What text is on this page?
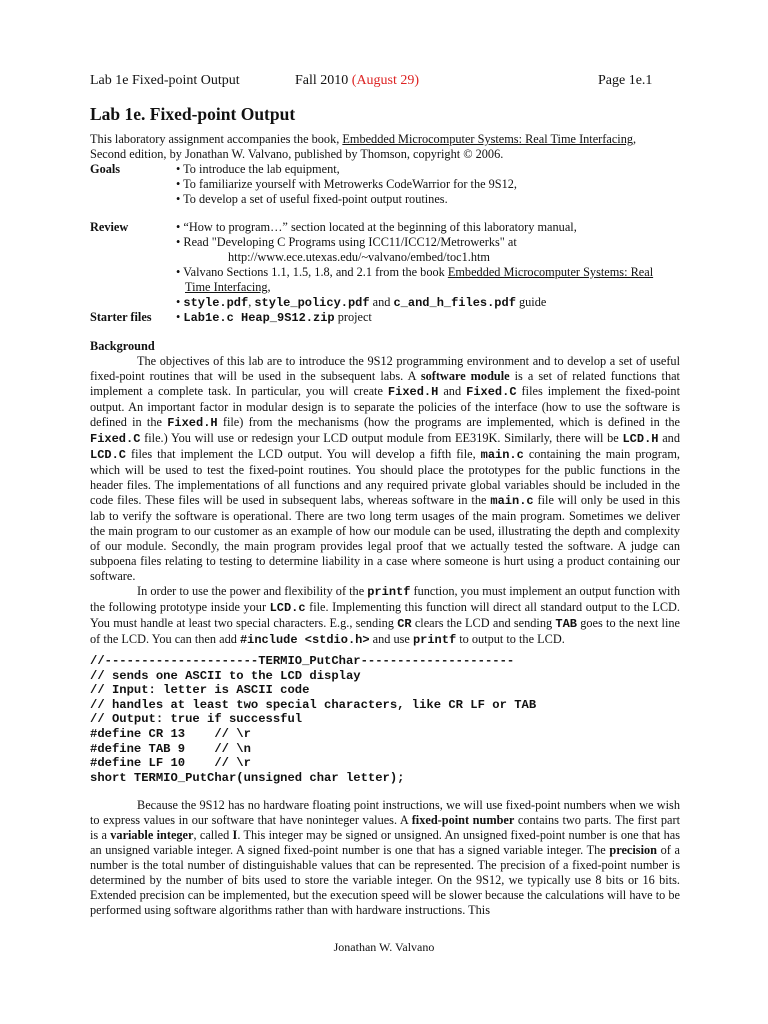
Lab 1e Fixed-point Output	Fall 2010 (August 29)	Page 1e.1
Lab 1e. Fixed-point Output
This laboratory assignment accompanies the book, Embedded Microcomputer Systems: Real Time Interfacing,
Second edition, by Jonathan W. Valvano, published by Thomson, copyright © 2006.
Goals	• To introduce the lab equipment,
• To familiarize yourself with Metrowerks CodeWarrior for the 9S12,
• To develop a set of useful fixed-point output routines.
Review	• “How to program…” section located at the beginning of this laboratory manual,
• Read "Developing C Programs using ICC11/ICC12/Metrowerks" at
http://www.ece.utexas.edu/~valvano/embed/toc1.htm
• Valvano Sections 1.1, 1.5, 1.8, and 2.1 from the book Embedded Microcomputer Systems: Real
Time Interfacing,
• style.pdf, style_policy.pdf and c_and_h_files.pdf guide
Starter files • Lab1e.c Heap_9S12.zip project
Background

The objectives of this lab are to introduce the 9S12 programming environment and to develop a set of useful fixed-point routines that will be used in the subsequent labs. A software module is a set of related functions that implement a complete task. In particular, you will create Fixed.H and Fixed.C files implement the fixed-point output. An important factor in modular design is to separate the policies of the interface (how to use the software is defined in the Fixed.H file) from the mechanisms (how the programs are implemented, which is defined in the Fixed.C file.) You will use or redesign your LCD output module from EE319K. Similarly, there will be LCD.H and LCD.C files that implement the LCD output. You will develop a fifth file, main.c containing the main program, which will be used to test the fixed-point routines. You should place the prototypes for the public functions in the header files. The implementations of all functions and any required private global variables should be included in the code files. These files will be used in subsequent labs, whereas software in the main.c file will only be used in this lab to verify the software is operational. There are two long term usages of the main program. Sometimes we deliver the main program to our customer as an example of how our module can be used, illustrating the depth and complexity of our module. Secondly, the main program provides legal proof that we actually tested the software. A judge can subpoena files relating to testing to determine liability in a case where someone is hurt using a product containing our software.

In order to use the power and flexibility of the printf function, you must implement an output function with the following prototype inside your LCD.c file. Implementing this function will direct all standard output to the LCD. You must handle at least two special characters. E.g., sending CR clears the LCD and sending TAB goes to the next line of the LCD. You can then add #include <stdio.h> and use printf to output to the LCD.

//---------------------TERMIO_PutChar---------------------
// sends one ASCII to the LCD display
// Input: letter is ASCII code
// handles at least two special characters, like CR LF or TAB
// Output: true if successful
#define CR 13    // \r
#define TAB 9    // \n
#define LF 10    // \r
short TERMIO_PutChar(unsigned char letter);

Because the 9S12 has no hardware floating point instructions, we will use fixed-point numbers when we wish to express values in our software that have noninteger values. A fixed-point number contains two parts. The first part is a variable integer, called I. This integer may be signed or unsigned. An unsigned fixed-point number is one that has an unsigned variable integer. A signed fixed-point number is one that has a signed variable integer. The precision of a number is the total number of distinguishable values that can be represented. The precision of a fixed-point number is determined by the number of bits used to store the variable integer. On the 9S12, we typically use 8 bits or 16 bits. Extended precision can be implemented, but the execution speed will be slower because the calculations will have to be performed using software algorithms rather than with hardware instructions. This

Jonathan W. Valvano
